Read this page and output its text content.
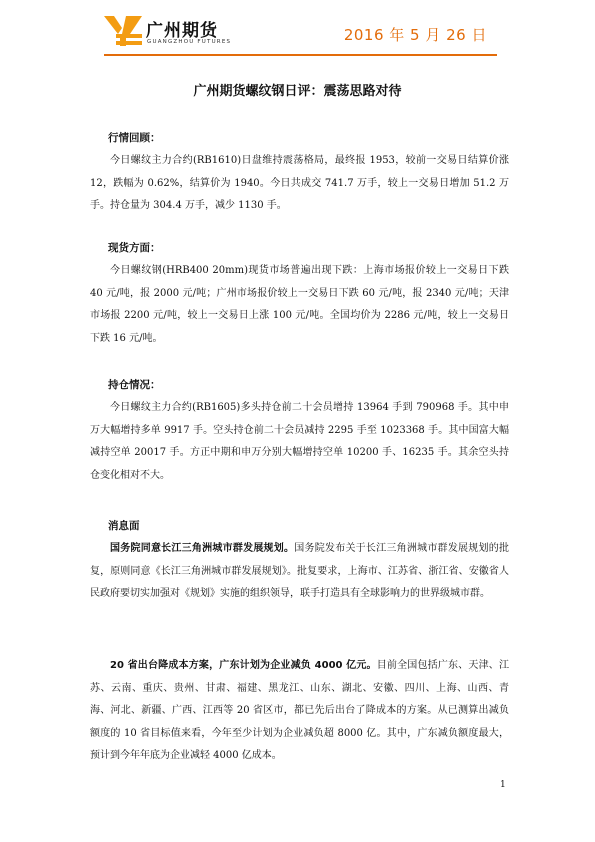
广州期货
GUANGZHOU FUTURES	2016 年 5 月 26 日
广州期货螺纹钢日评：震荡思路对待
行情回顾：

今日螺纹主力合约(RB1610)日盘维持震荡格局，最终报 1953，较前一交易日结算价涨 12，跌幅为 0.62%，结算价为 1940。今日共成交 741.7 万手，较上一交易日增加 51.2 万手。持仓量为 304.4 万手，减少 1130 手。

现货方面：

今日螺纹钢(HRB400 20mm)现货市场普遍出现下跌：上海市场报价较上一交易日下跌 40 元/吨，报 2000 元/吨；广州市场报价较上一交易日下跌 60 元/吨，报 2340 元/吨；天津市场报 2200 元/吨，较上一交易日上涨 100 元/吨。全国均价为 2286 元/吨，较上一交易日下跌 16 元/吨。

持仓情况：

今日螺纹主力合约(RB1605)多头持仓前二十会员增持 13964 手到 790968 手。其中申万大幅增持多单 9917 手。空头持仓前二十会员减持 2295 手至 1023368 手。其中国富大幅减持空单 20017 手。方正中期和申万分别大幅增持空单 10200 手、16235 手。其余空头持仓变化相对不大。

消息面

国务院同意长江三角洲城市群发展规划。国务院发布关于长江三角洲城市群发展规划的批复，原则同意《长江三角洲城市群发展规划》。批复要求，上海市、江苏省、浙江省、安徽省人民政府要切实加强对《规划》实施的组织领导，联手打造具有全球影响力的世界级城市群。

20 省出台降成本方案，广东计划为企业减负 4000 亿元。目前全国包括广东、天津、江苏、云南、重庆、贵州、甘肃、福建、黑龙江、山东、湖北、安徽、四川、上海、山西、青海、河北、新疆、广西、江西等 20 省区市，都已先后出台了降成本的方案。从已测算出减负额度的 10 省目标值来看，今年至少计划为企业减负超 8000 亿。其中，广东减负额度最大，预计到今年年底为企业减轻 4000 亿成本。

1
